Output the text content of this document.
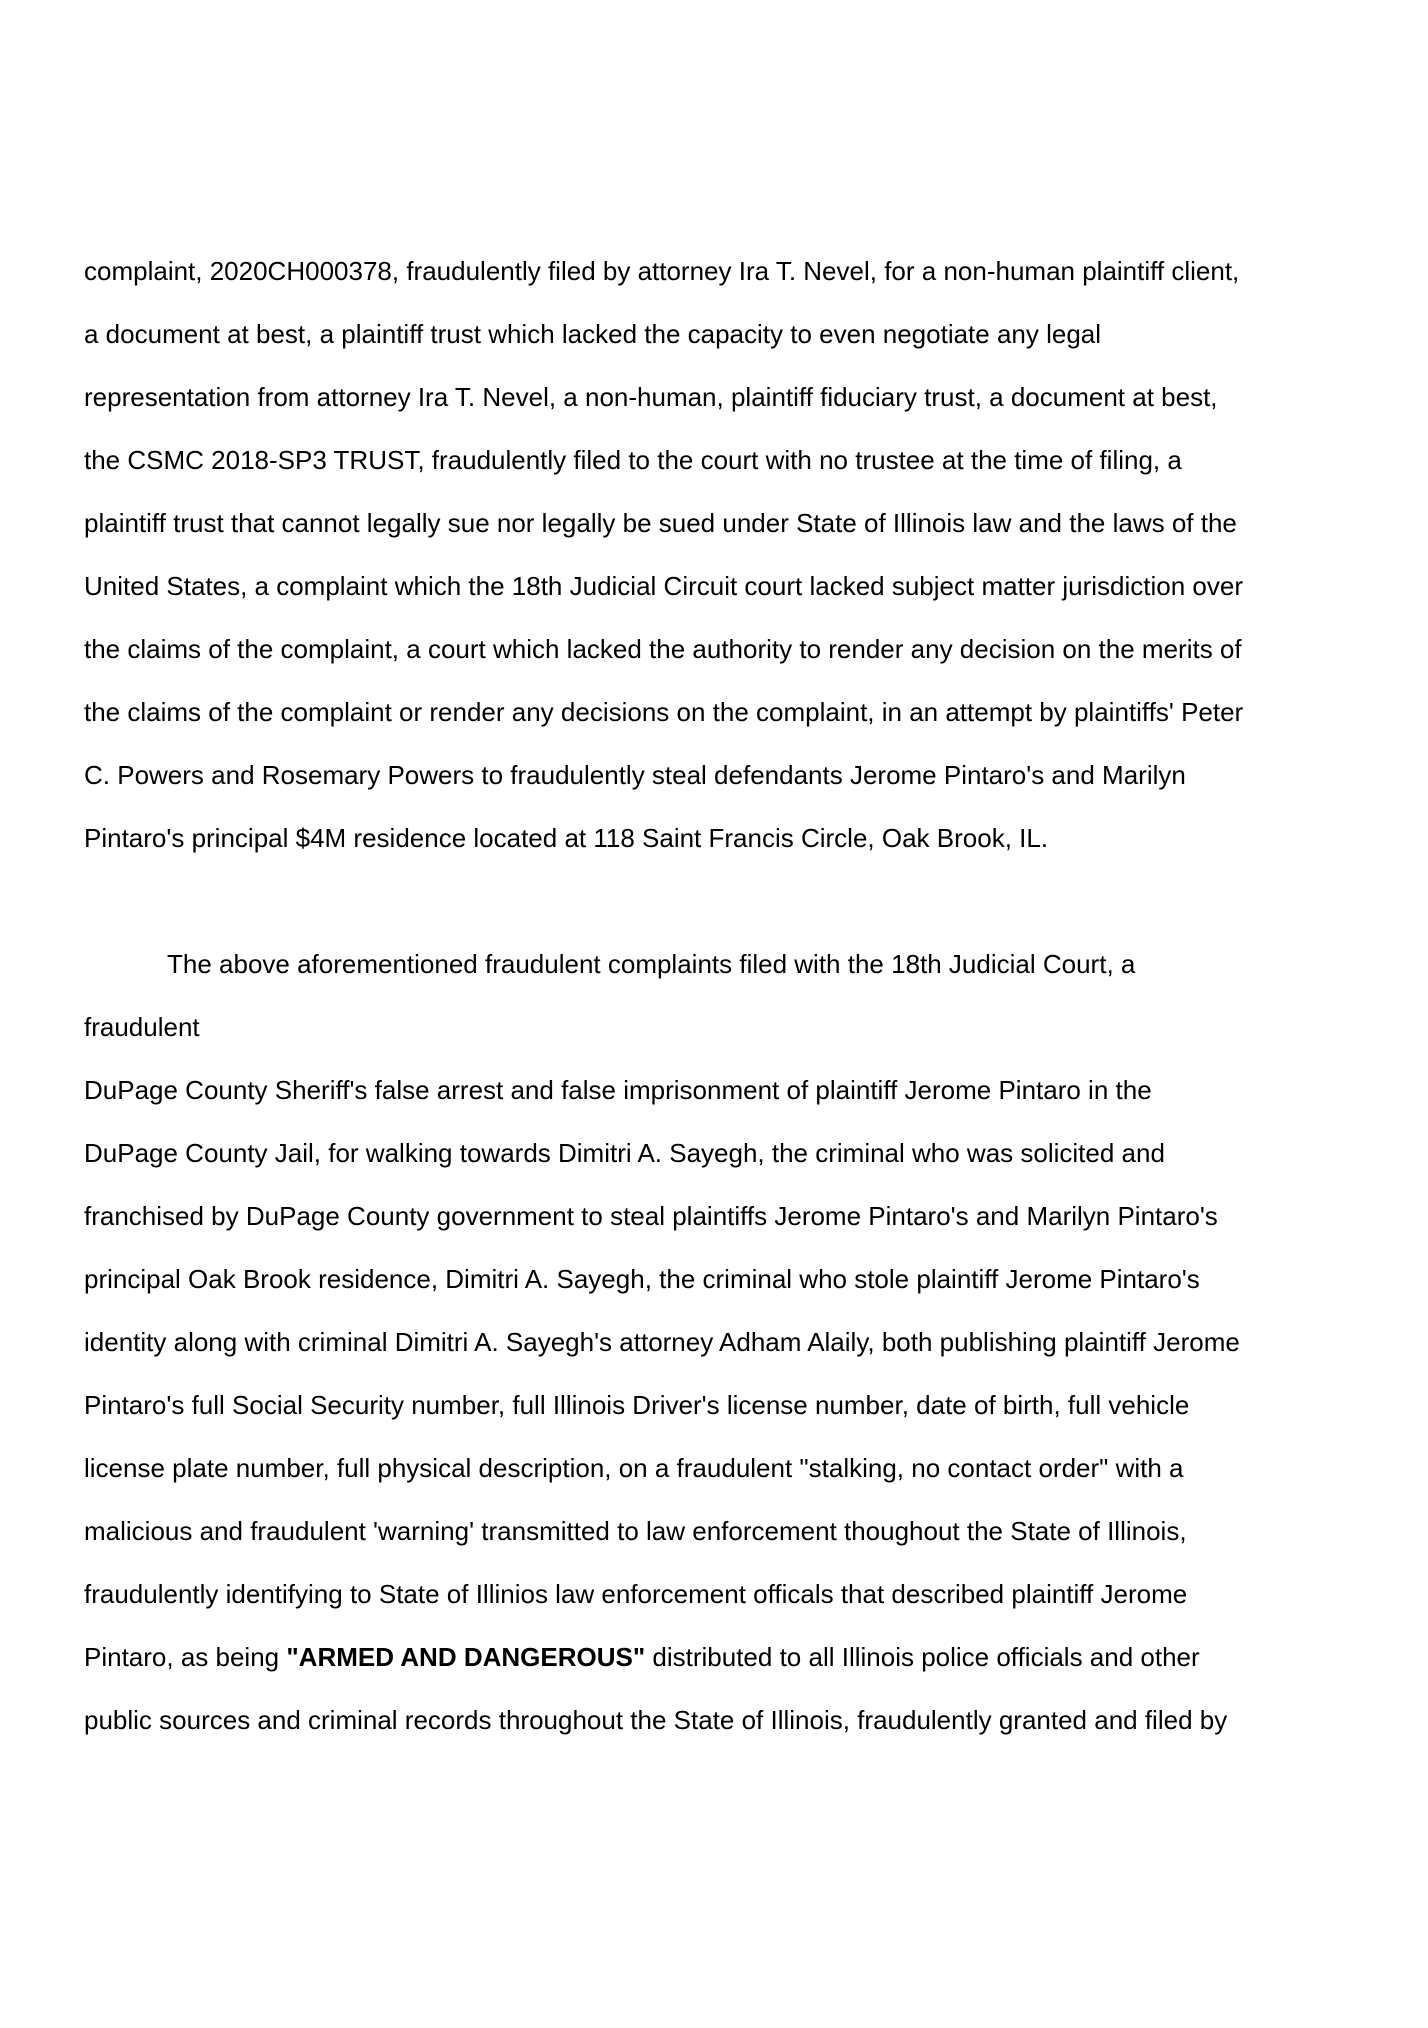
complaint, 2020CH000378, fraudulently filed by attorney Ira T. Nevel, for a non-human plaintiff client,

a document at best, a plaintiff trust which lacked the capacity to even negotiate any legal

representation from attorney Ira T. Nevel, a non-human, plaintiff fiduciary trust, a document at best,

the CSMC 2018-SP3 TRUST, fraudulently filed to the court with no trustee at the time of filing, a

plaintiff trust that cannot legally sue nor legally be sued under State of Illinois law and the laws of the

United States, a complaint which the 18th Judicial Circuit court lacked subject matter jurisdiction over

the claims of the complaint, a court which lacked the authority to render any decision on the merits of

the claims of the complaint or render any decisions on the complaint, in an attempt by plaintiffs' Peter

C. Powers and Rosemary Powers to fraudulently steal defendants Jerome Pintaro's and Marilyn

Pintaro's principal $4M residence located at 118 Saint Francis Circle, Oak Brook, IL.

The above aforementioned fraudulent complaints filed with the 18th Judicial Court, a

fraudulent

DuPage County Sheriff's false arrest and false imprisonment of plaintiff Jerome Pintaro in the

DuPage County Jail, for walking towards Dimitri A. Sayegh, the criminal who was solicited and

franchised by DuPage County government to steal plaintiffs Jerome Pintaro's and Marilyn Pintaro's

principal Oak Brook residence, Dimitri A. Sayegh, the criminal who stole plaintiff Jerome Pintaro's

identity along with criminal Dimitri A. Sayegh's attorney Adham Alaily, both publishing plaintiff Jerome

Pintaro's full Social Security number, full Illinois Driver's license number, date of birth, full vehicle

license plate number, full physical description, on a fraudulent "stalking, no contact order" with a

malicious and fraudulent 'warning' transmitted to law enforcement thoughout the State of Illinois,

fraudulently identifying to State of Illinios law enforcement officals that described plaintiff Jerome

Pintaro, as being "ARMED AND DANGEROUS" distributed to all Illinois police officials and other

public sources and criminal records throughout the State of Illinois, fraudulently granted and filed by
